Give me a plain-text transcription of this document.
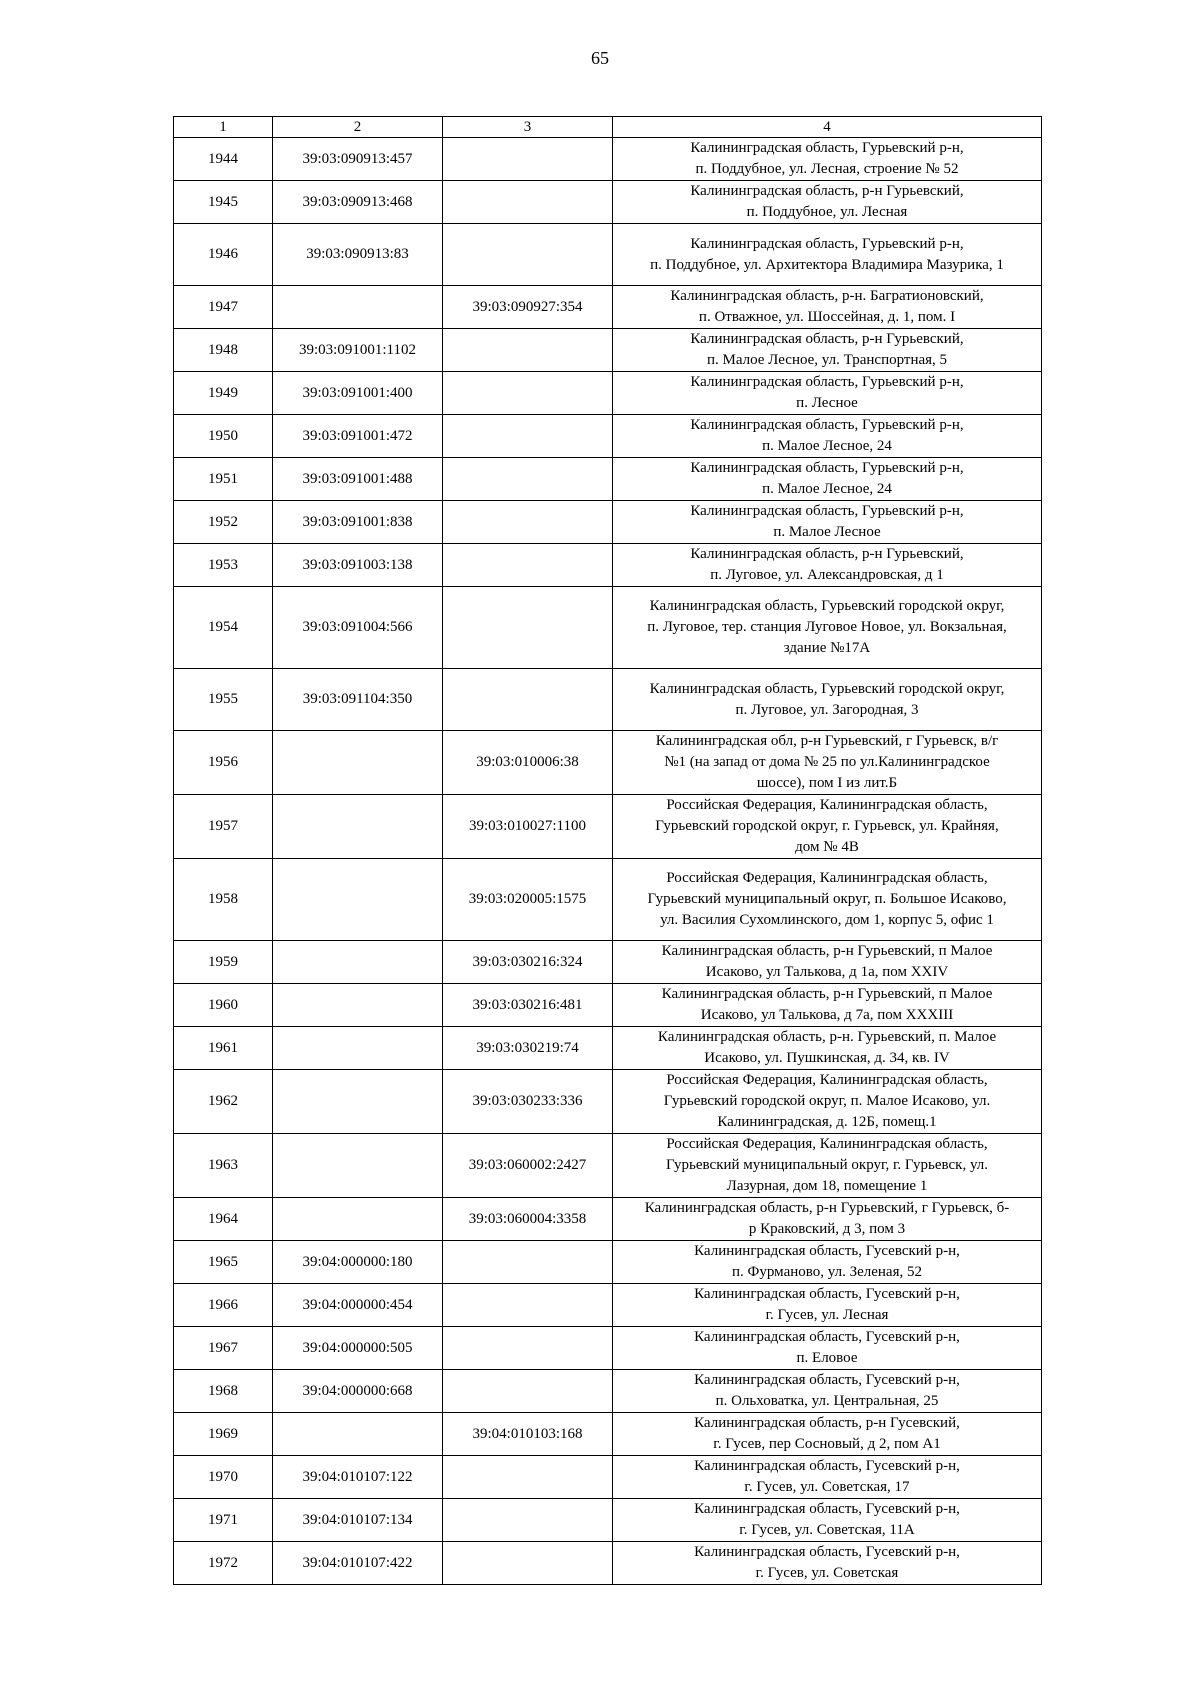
65
1	2	3	4
1944	39:03:090913:457		Калининградская область, Гурьевский р-н,
п. Поддубное, ул. Лесная, строение № 52
1945	39:03:090913:468		Калининградская область, р-н Гурьевский,
п. Поддубное, ул. Лесная
1946	39:03:090913:83		Калининградская область, Гурьевский р-н,
п. Поддубное, ул. Архитектора Владимира Мазурика, 1
1947		39:03:090927:354	Калининградская область, р-н. Багратионовский,
п. Отважное, ул. Шоссейная, д. 1, пом. I
1948	39:03:091001:1102		Калининградская область, р-н Гурьевский,
п. Малое Лесное, ул. Транспортная, 5
1949	39:03:091001:400		Калининградская область, Гурьевский р-н,
п. Лесное
1950	39:03:091001:472		Калининградская область, Гурьевский р-н,
п. Малое Лесное, 24
1951	39:03:091001:488		Калининградская область, Гурьевский р-н,
п. Малое Лесное, 24
1952	39:03:091001:838		Калининградская область, Гурьевский р-н,
п. Малое Лесное
1953	39:03:091003:138		Калининградская область, р-н Гурьевский,
п. Луговое, ул. Александровская, д 1
1954	39:03:091004:566		Калининградская область, Гурьевский городской округ,
п. Луговое, тер. станция Луговое Новое, ул. Вокзальная,
здание №17А
1955	39:03:091104:350		Калининградская область, Гурьевский городской округ,
п. Луговое, ул. Загородная, 3
1956		39:03:010006:38	Калининградская обл, р-н Гурьевский, г Гурьевск, в/г
№1 (на запад от дома № 25 по ул.Калининградское
шоссе), пом I из лит.Б
1957		39:03:010027:1100	Российская Федерация, Калининградская область,
Гурьевский городской округ, г. Гурьевск, ул. Крайняя,
дом № 4В
1958		39:03:020005:1575	Российская Федерация, Калининградская область,
Гурьевский муниципальный округ, п. Большое Исаково,
ул. Василия Сухомлинского, дом 1, корпус 5, офис 1
1959		39:03:030216:324	Калининградская область, р-н Гурьевский, п Малое
Исаково, ул Талькова, д 1а, пом XXIV
1960		39:03:030216:481	Калининградская область, р-н Гурьевский, п Малое
Исаково, ул Талькова, д 7а, пом XXXIII
1961		39:03:030219:74	Калининградская область, р-н. Гурьевский, п. Малое
Исаково, ул. Пушкинская, д. 34, кв. IV
1962		39:03:030233:336	Российская Федерация, Калининградская область,
Гурьевский городской округ, п. Малое Исаково, ул.
Калининградская, д. 12Б, помещ.1
1963		39:03:060002:2427	Российская Федерация, Калининградская область,
Гурьевский муниципальный округ, г. Гурьевск, ул.
Лазурная, дом 18, помещение 1
1964		39:03:060004:3358	Калининградская область, р-н Гурьевский, г Гурьевск, б-
р Краковский, д 3, пом 3
1965	39:04:000000:180		Калининградская область, Гусевский р-н,
п. Фурманово, ул. Зеленая, 52
1966	39:04:000000:454		Калининградская область, Гусевский р-н,
г. Гусев, ул. Лесная
1967	39:04:000000:505		Калининградская область, Гусевский р-н,
п. Еловое
1968	39:04:000000:668		Калининградская область, Гусевский р-н,
п. Ольховатка, ул. Центральная, 25
1969		39:04:010103:168	Калининградская область, р-н Гусевский,
г. Гусев, пер Сосновый, д 2, пом А1
1970	39:04:010107:122		Калининградская область, Гусевский р-н,
г. Гусев, ул. Советская, 17
1971	39:04:010107:134		Калининградская область, Гусевский р-н,
г. Гусев, ул. Советская, 11А
1972	39:04:010107:422		Калининградская область, Гусевский р-н,
г. Гусев, ул. Советская
